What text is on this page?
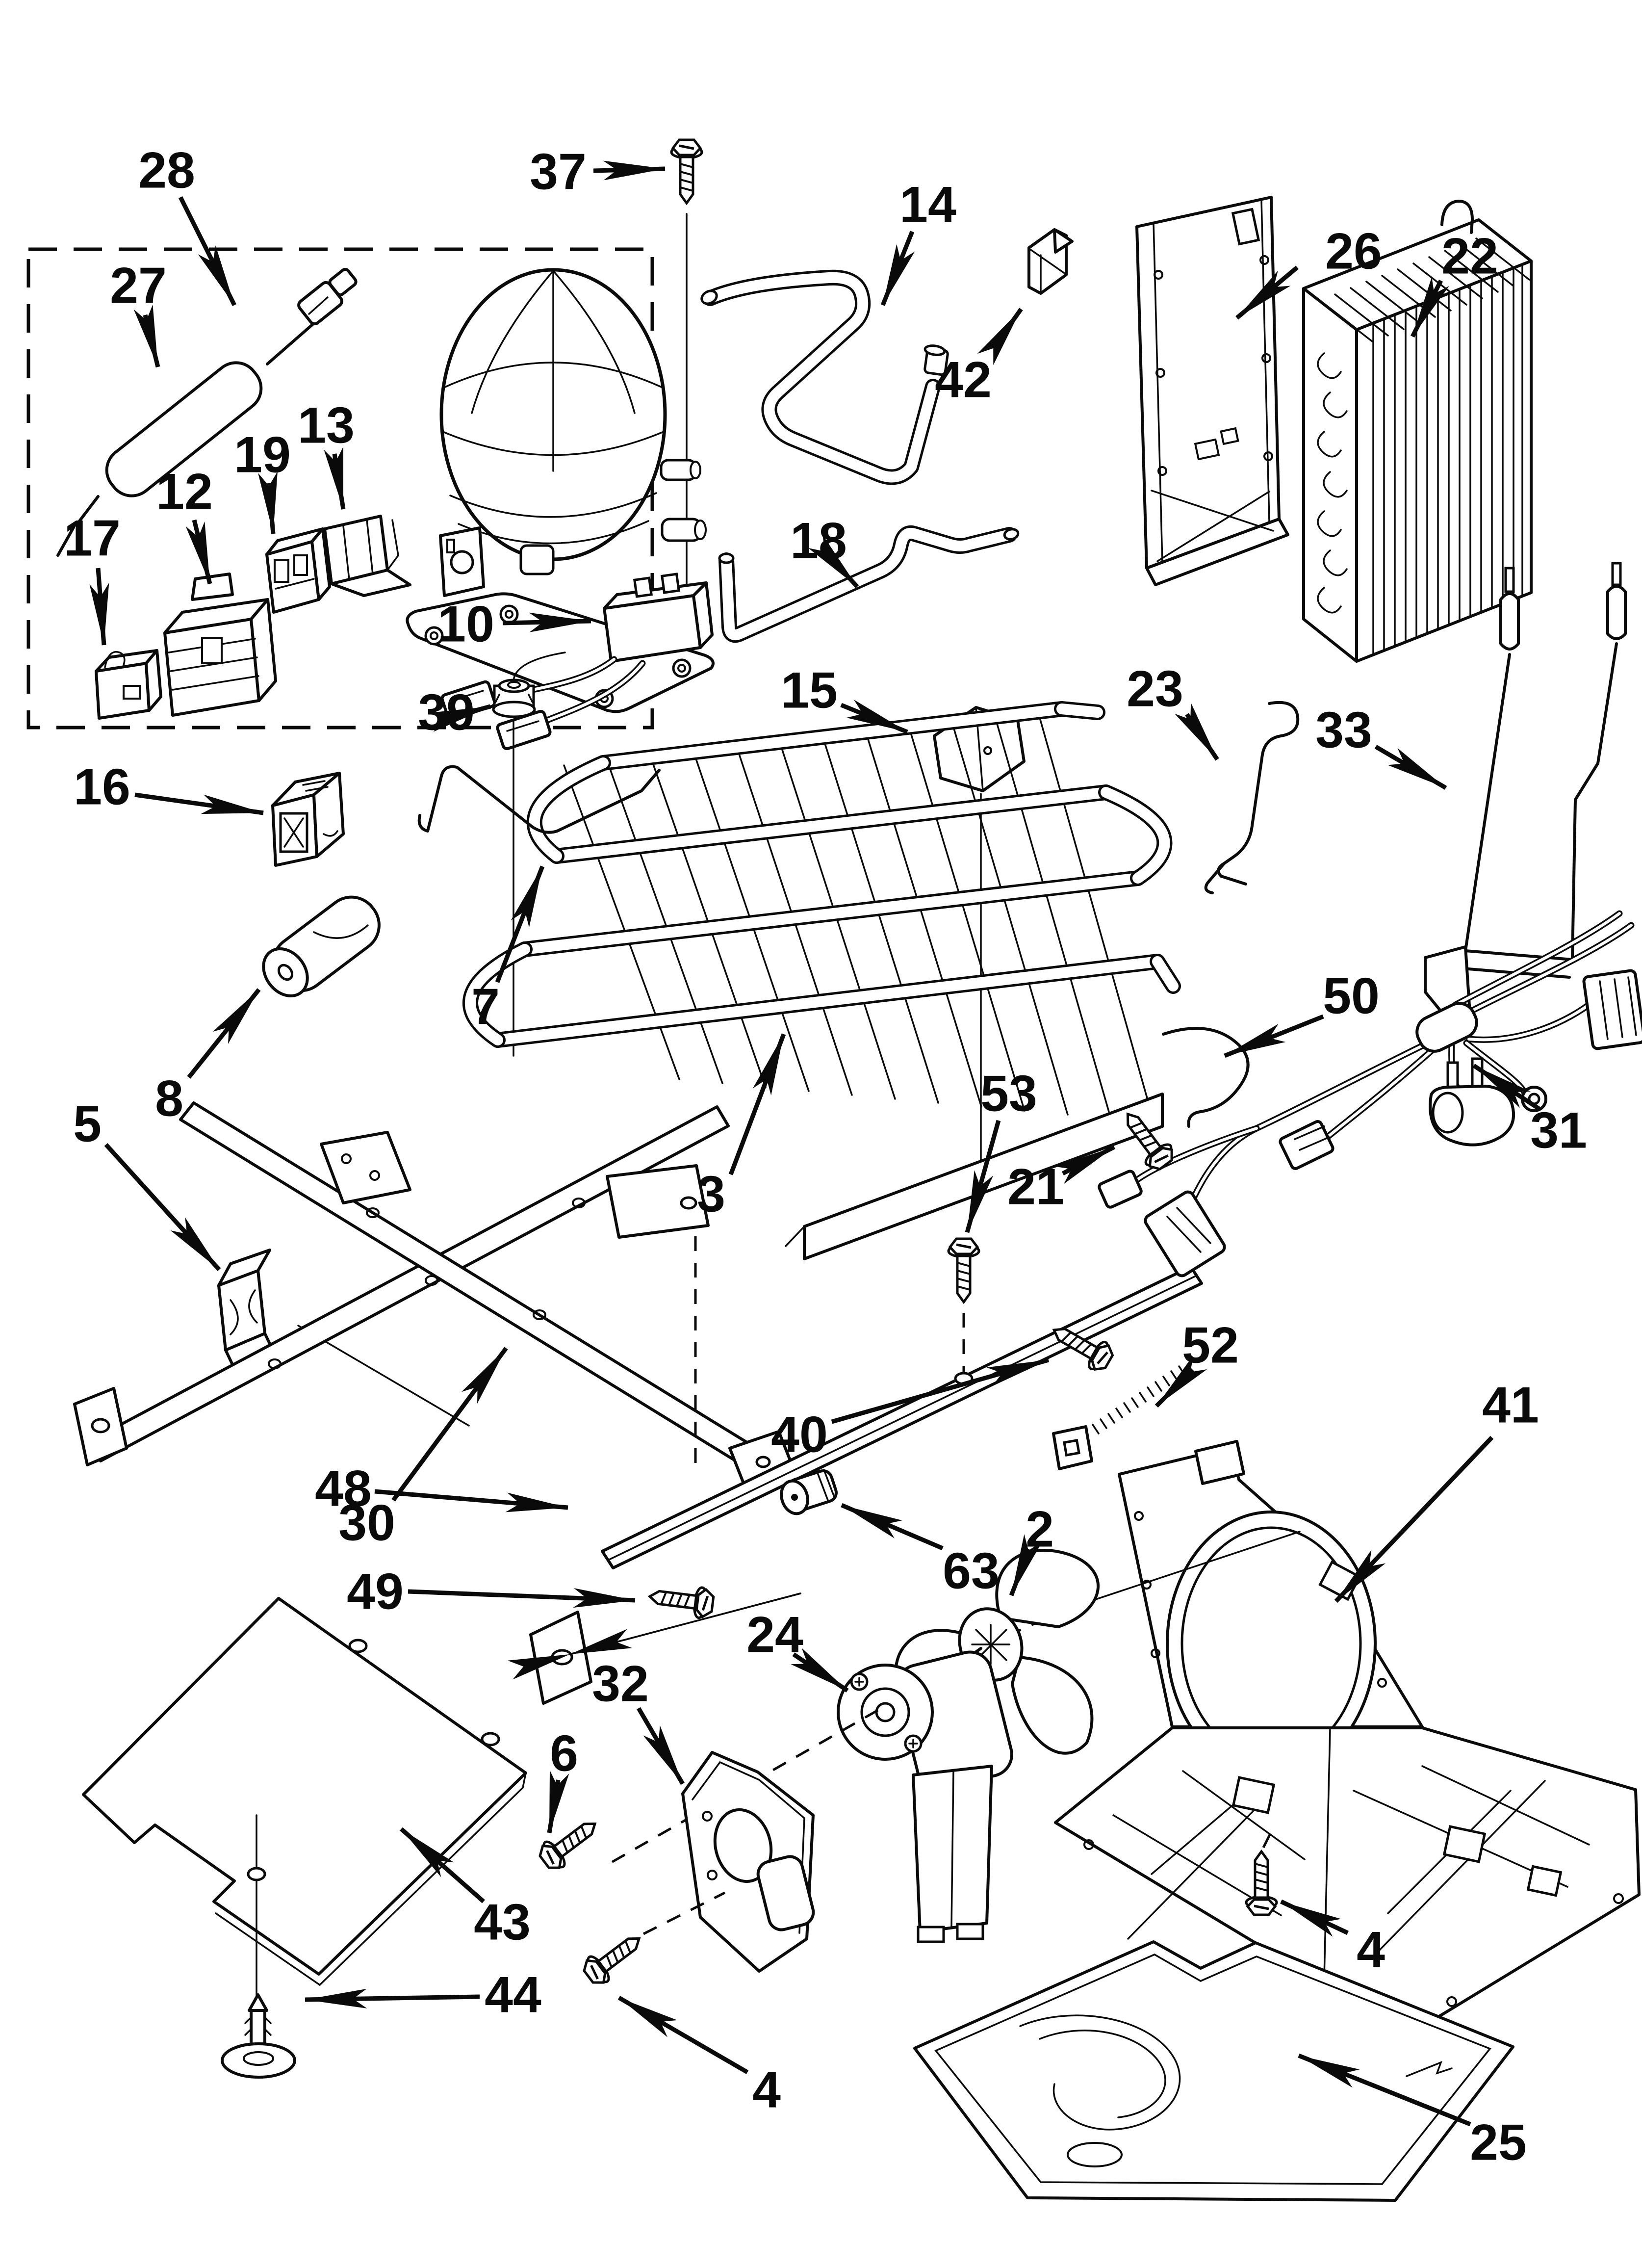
28
27
37
14
42
26 22
17
12
19
13
10
39
18
15	23
33
16
8
7
5
3
50
21
31
53
30
49
48
40
52
41
63
2
24
32
6
43
44
4
4
25
